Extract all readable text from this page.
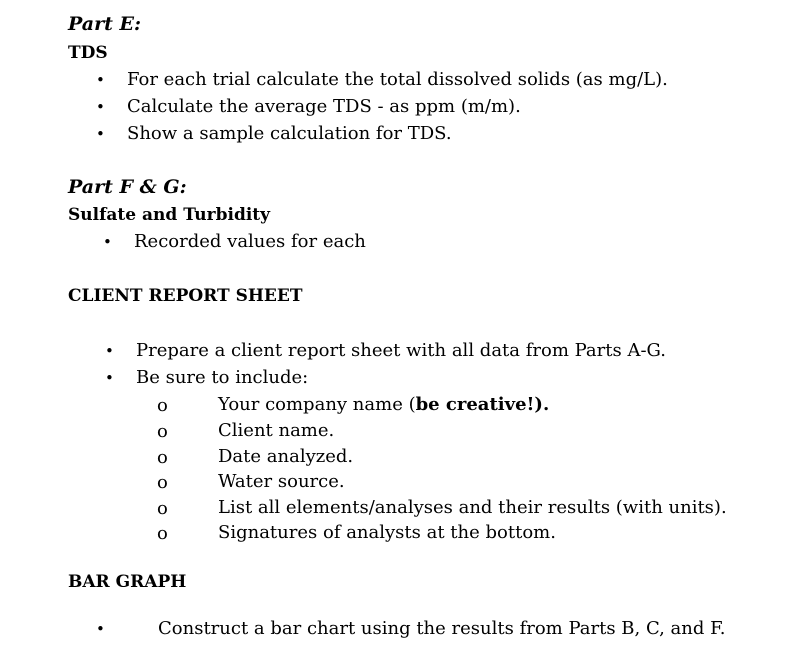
Part E:
TDS
• For each trial calculate the total dissolved solids (as mg/L).
• Calculate the average TDS - as ppm (m/m).
• Show a sample calculation for TDS.
Part F & G:
Sulfate and Turbidity
• Recorded values for each
CLIENT REPORT SHEET
• Prepare a client report sheet with all data from Parts A-G.
• Be sure to include:
o	Your company name (be creative!).
o	Client name.
o	Date analyzed.
o	Water source.
o	List all elements/analyses and their results (with units).
o	Signatures of analysts at the bottom.
BAR GRAPH
•	Construct a bar chart using the results from Parts B, C, and F.
